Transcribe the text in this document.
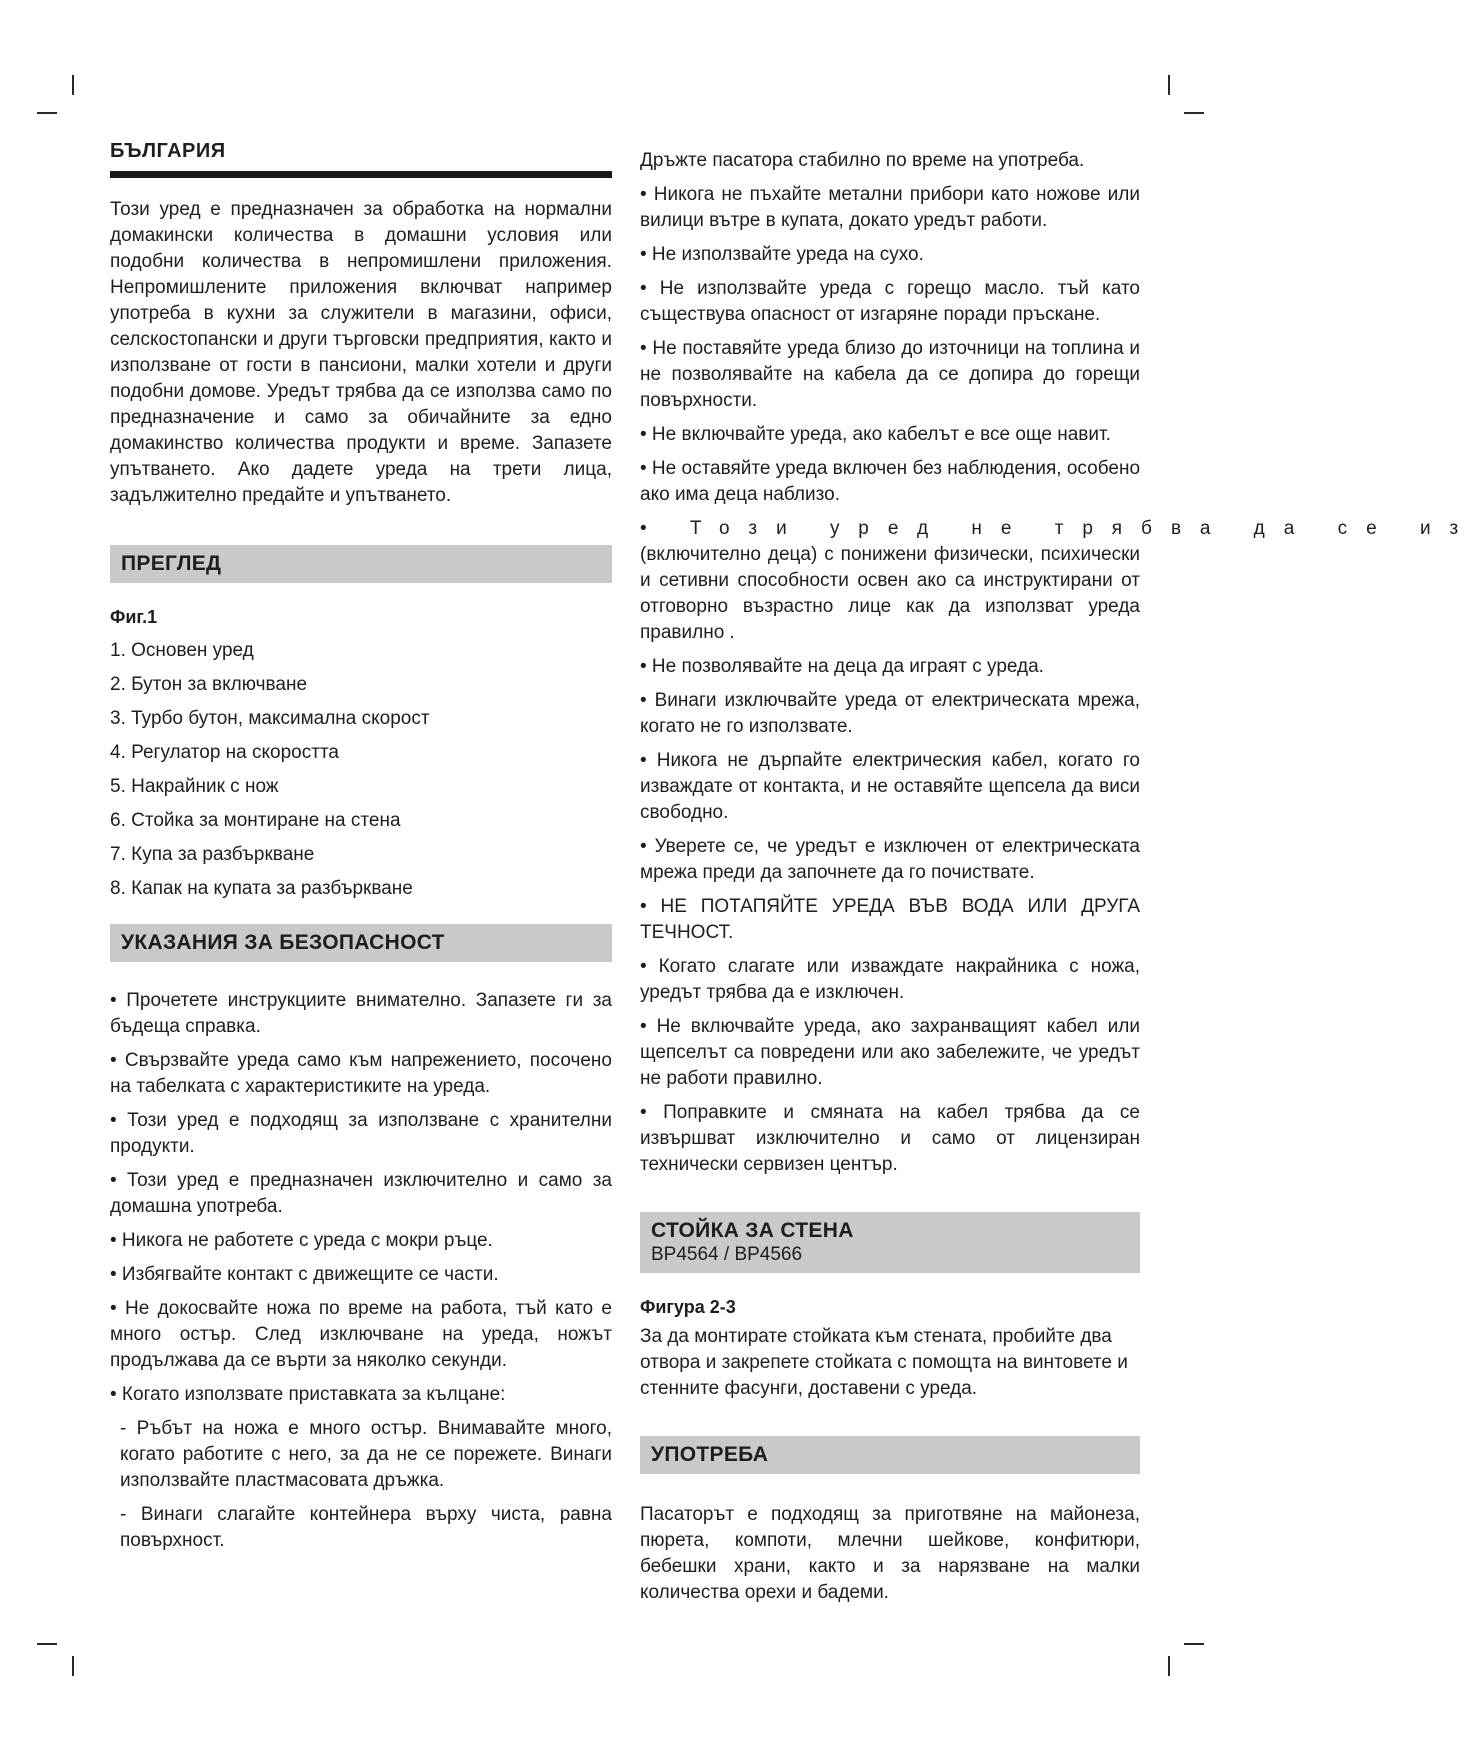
БЪЛГАРИЯ

Този уред е предназначен за обработка на нормални домакински количества в домашни условия или подобни количества в непромишлени приложения. Непромишлените приложения включват например употреба в кухни за служители в магазини, офиси, селскостопански и други търговски предприятия, както и използване от гости в пансиони, малки хотели и други подобни домове. Уредът трябва да се използва само по предназначение и само за обичайните за едно домакинство количества продукти и време. Запазете упътването. Ако дадете уреда на трети лица, задължително предайте и упътването.

ПРЕГЛЕД
Фиг.1
1. Основен уред
2. Бутон за включване
3. Турбо бутон, максимална скорост
4. Регулатор на скоростта
5. Накрайник с нож
6. Стойка за монтиране на стена
7. Купа за разбъркване
8. Капак на купата за разбъркване
УКАЗАНИЯ ЗА БЕЗОПАСНОСТ

• Прочетете инструкциите внимателно. Запазете ги за бъдеща справка.

• Свързвайте уреда само към напрежението, посочено на табелката с характеристиките на уреда.

• Този уред е подходящ за използване с хранителни продукти.

• Този уред е предназначен изключително и само за домашна употреба.

• Никога не работете с уреда с мокри ръце.

• Избягвайте контакт с движещите се части.

• Не докосвайте ножа по време на работа, тъй като е много остър. След изключване на уреда, ножът продължава да се върти за няколко секунди.

• Когато използвате приставката за кълцане:

- Ръбът на ножа е много остър. Внимавайте много, когато работите с него, за да не се порежете. Винаги използвайте пластмасовата дръжка.

- Винаги слагайте контейнера върху чиста, равна повърхност.

Дръжте пасатора стабилно по време на употреба.

• Никога не пъхайте метални прибори като ножове или вилици вътре в купата, докато уредът работи.

• Не използвайте уреда на сухо.

• Не използвайте уреда с горещо масло. тъй като съществува опасност от изгаряне поради пръскане.

• Не поставяйте уреда близо до източници на топлина и не позволявайте на кабела да се допира до горещи повърхности.

• Не включвайте уреда, ако кабелът е все още навит.

• Не оставяйте уреда включен без наблюдения, особено ако има деца наблизо.

• Този уред не трябва да се из

(включително деца) с понижени физически, психически и сетивни способности освен ако са инструктирани от отговорно възрастно лице как да използват уреда правилно .

• Не позволявайте на деца да играят с уреда.

• Винаги изключвайте уреда от електрическата мрежа, когато не го използвате.

• Никога не дърпайте електрическия кабел, когато го изваждате от контакта, и не оставяйте щепсела да виси свободно.

• Уверете се, че уредът е изключен от електрическата мрежа преди да започнете да го почиствате.

• НЕ ПОТАПЯЙТЕ УРЕДА ВЪВ ВОДА ИЛИ ДРУГА ТЕЧНОСТ.

• Когато слагате или изваждате накрайника с ножа, уредът трябва да е изключен.

• Не включвайте уреда, ако захранващият кабел или щепселът са повредени или ако забележите, че уредът не работи правилно.

• Поправките и смяната на кабел трябва да се извършват изключително и само от лицензиран технически сервизен център.

СТОЙКА ЗА СТЕНА
BP4564 / BP4566
Фигура 2-3

За да монтирате стойката към стената, пробийте два отвора и закрепете стойката с помощта на винтовете и стенните фасунги, доставени с уреда.

УПОТРЕБА

Пасаторът е подходящ за приготвяне на майонеза, пюрета, компоти, млечни шейкове, конфитюри, бебешки храни, както и за нарязване на малки количества орехи и бадеми.
